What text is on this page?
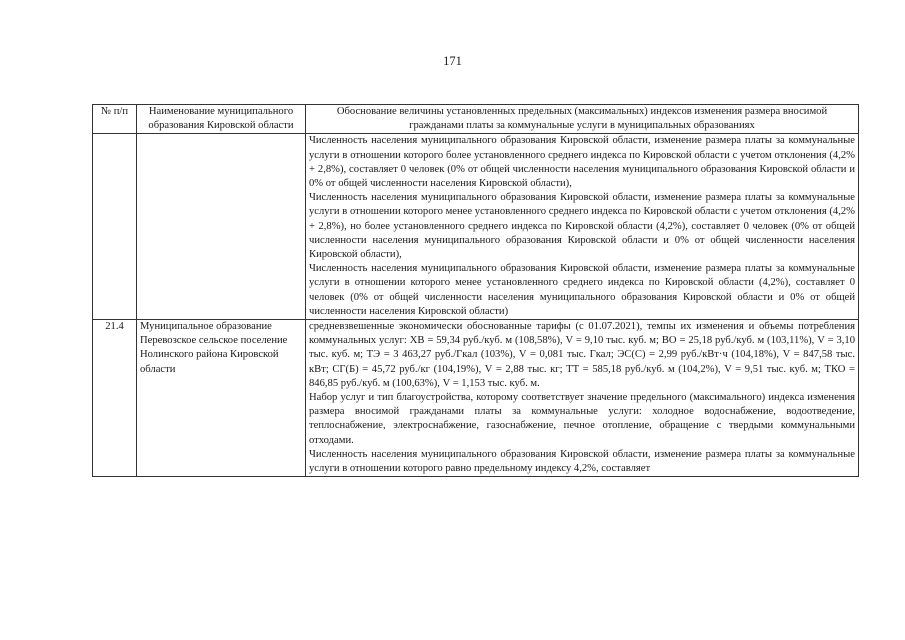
171
№ п/п	Наименование муниципального образования Кировской области	Обоснование величины установленных предельных (максимальных) индексов изменения размера вносимой гражданами платы за коммунальные услуги в муниципальных образованиях

		Численность населения муниципального образования Кировской области, изменение размера платы за коммунальные услуги в отношении которого более установленного среднего индекса по Кировской области с учетом отклонения (4,2% + 2,8%), составляет 0 человек (0% от общей численности населения муниципального образования Кировской области и 0% от общей численности населения Кировской области),
Численность населения муниципального образования Кировской области, изменение размера платы за коммунальные услуги в отношении которого менее установленного среднего индекса по Кировской области с учетом отклонения (4,2% + 2,8%), но более установленного среднего индекса по Кировской области (4,2%), составляет 0 человек (0% от общей численности населения муниципального образования Кировской области и 0% от общей численности населения Кировской области),
Численность населения муниципального образования Кировской области, изменение размера платы за коммунальные услуги в отношении которого менее установленного среднего индекса по Кировской области (4,2%), составляет 0 человек (0% от общей численности населения муниципального образования Кировской области и 0% от общей численности населения Кировской области)

21.4	Муниципальное образование Перевозское сельское поселение Нолинского района Кировской области	средневзвешенные экономически обоснованные тарифы (с 01.07.2021), темпы их изменения и объемы потребления коммунальных услуг: ХВ = 59,34 руб./куб. м (108,58%), V = 9,10 тыс. куб. м; ВО = 25,18 руб./куб. м (103,11%), V = 3,10 тыс. куб. м; ТЭ = 3 463,27 руб./Гкал (103%), V = 0,081 тыс. Гкал; ЭС(С) = 2,99 руб./кВт·ч (104,18%), V = 847,58 тыс. кВт; СГ(Б) = 45,72 руб./кг (104,19%), V = 2,88 тыс. кг; ТТ = 585,18 руб./куб. м (104,2%), V = 9,51 тыс. куб. м; ТКО = 846,85 руб./куб. м (100,63%), V = 1,153 тыс. куб. м.
Набор услуг и тип благоустройства, которому соответствует значение предельного (максимального) индекса изменения размера вносимой гражданами платы за коммунальные услуги: холодное водоснабжение, водоотведение, теплоснабжение, электроснабжение, газоснабжение, печное отопление, обращение с твердыми коммунальными отходами.
Численность населения муниципального образования Кировской области, изменение размера платы за коммунальные услуги в отношении которого равно предельному индексу 4,2%, составляет
